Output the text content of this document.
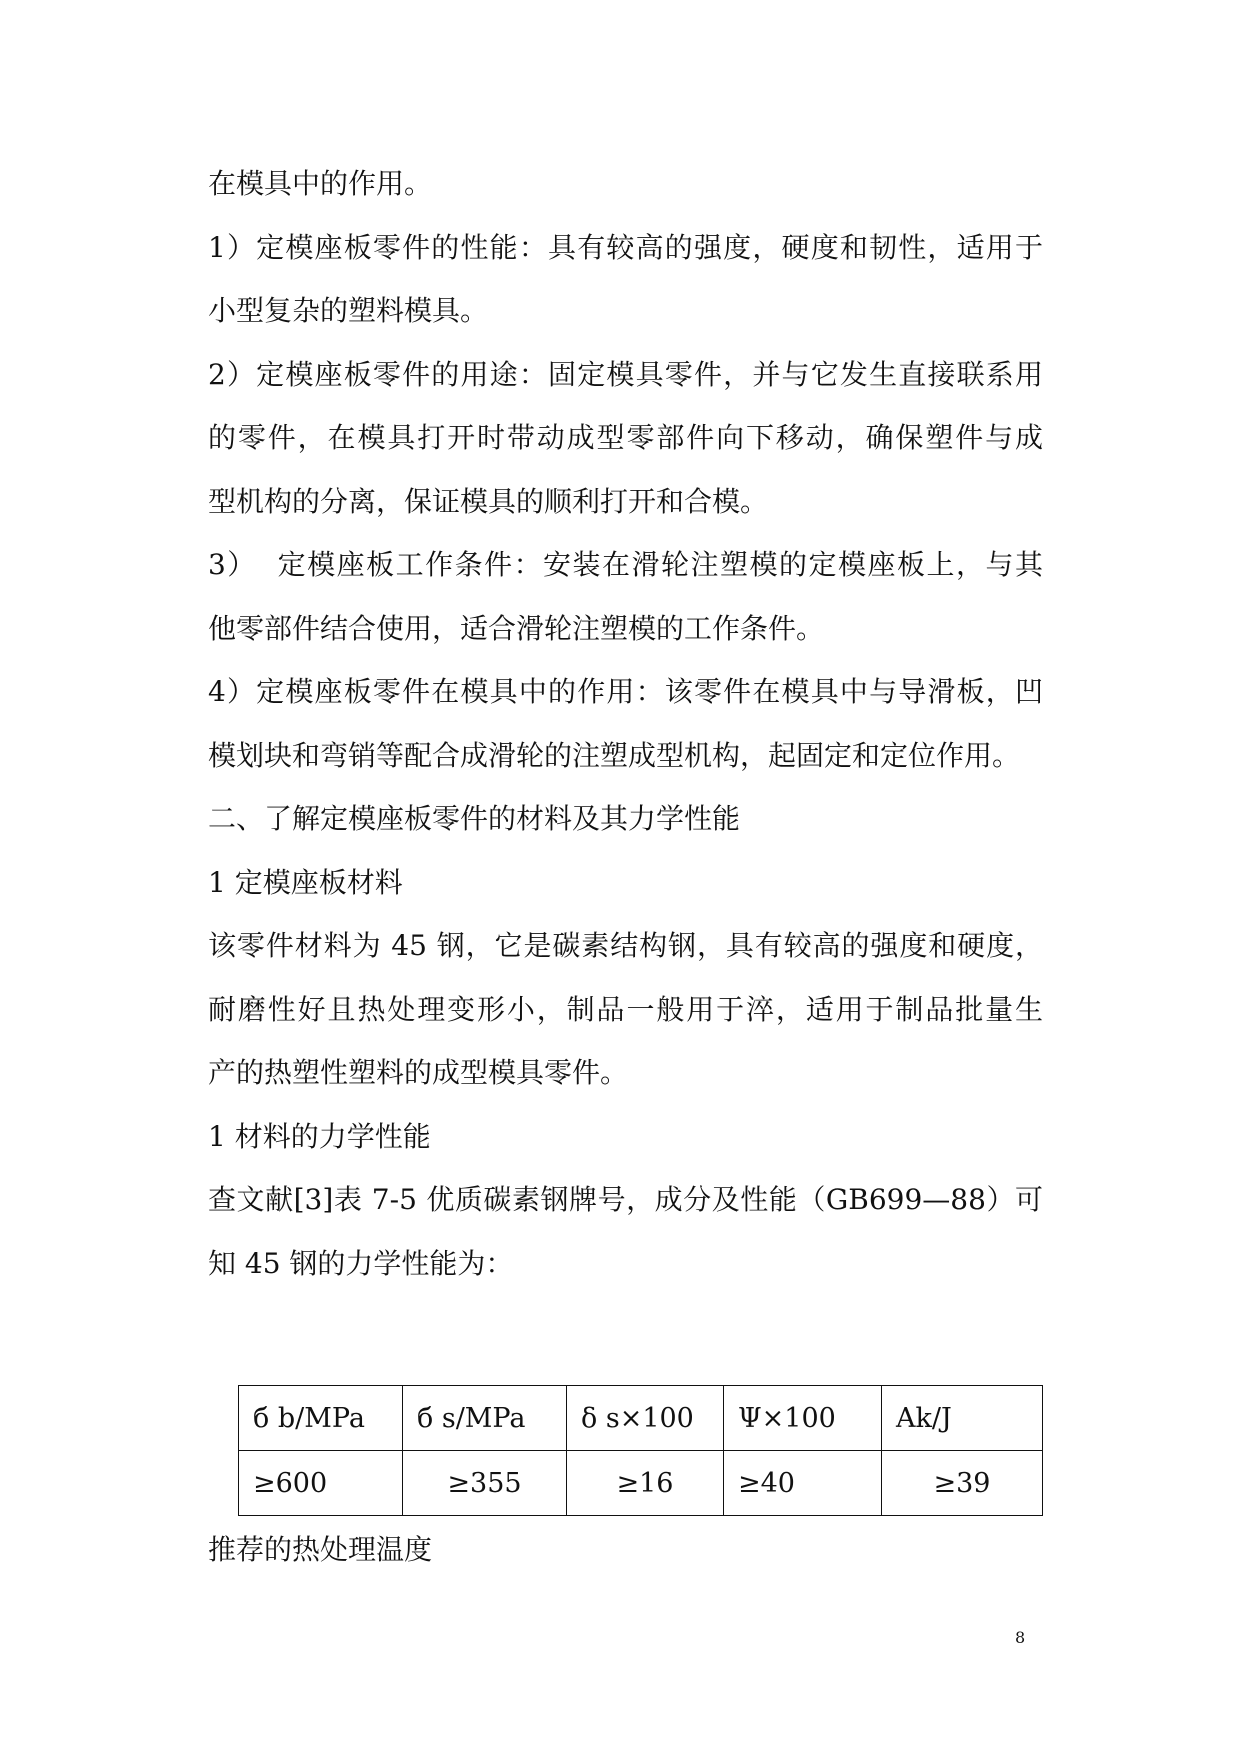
在模具中的作用。
1）定模座板零件的性能：具有较高的强度，硬度和韧性，适用于
小型复杂的塑料模具。
2）定模座板零件的用途：固定模具零件，并与它发生直接联系用
的零件，在模具打开时带动成型零部件向下移动，确保塑件与成
型机构的分离，保证模具的顺利打开和合模。
3）  定模座板工作条件：安装在滑轮注塑模的定模座板上，与其
他零部件结合使用，适合滑轮注塑模的工作条件。
4）定模座板零件在模具中的作用：该零件在模具中与导滑板，凹
模划块和弯销等配合成滑轮的注塑成型机构，起固定和定位作用。
二、了解定模座板零件的材料及其力学性能
1 定模座板材料
该零件材料为 45 钢，它是碳素结构钢，具有较高的强度和硬度，
耐磨性好且热处理变形小，制品一般用于淬，适用于制品批量生
产的热塑性塑料的成型模具零件。
1 材料的力学性能
查文献[3]表 7-5 优质碳素钢牌号，成分及性能（GB699—88）可
知 45 钢的力学性能为：
б b/MPa	б s/MPa	δ s×100	Ψ×100	Ak/J
≥600	≥355	≥16	≥40	≥39
推荐的热处理温度
8
